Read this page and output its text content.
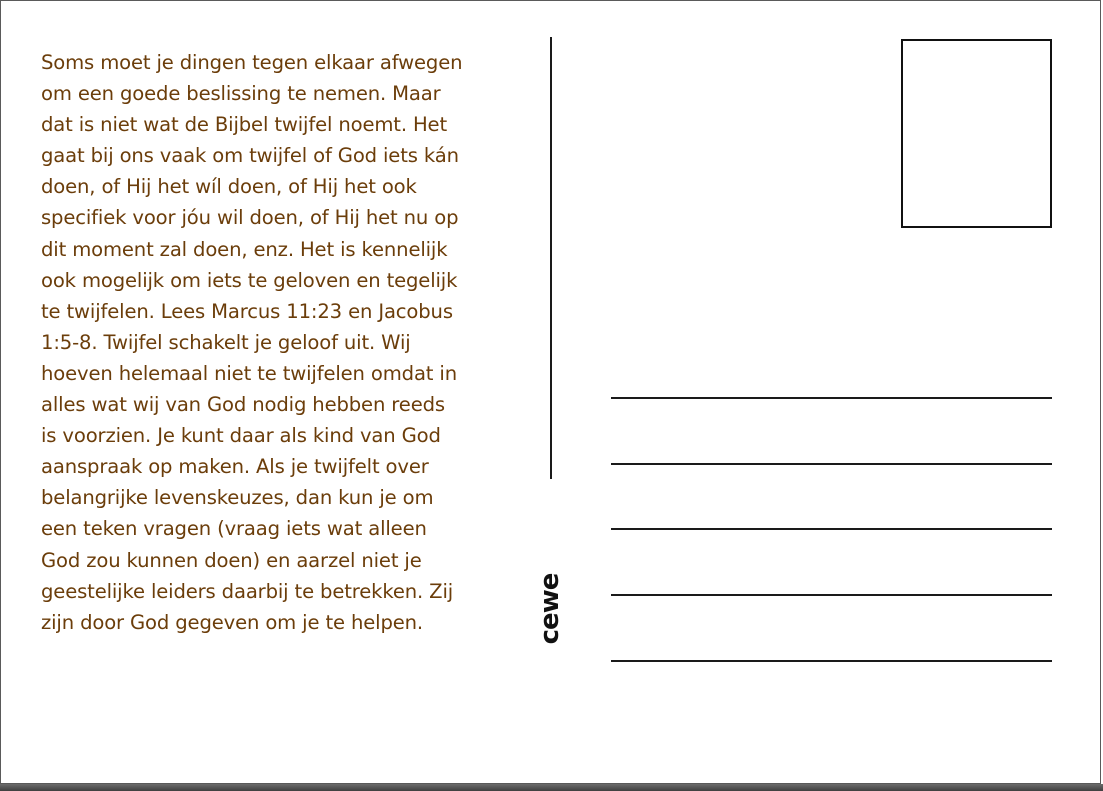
Soms moet je dingen tegen elkaar afwegen
om een goede beslissing te nemen. Maar
dat is niet wat de Bijbel twijfel noemt. Het
gaat bij ons vaak om twijfel of God iets kán
doen, of Hij het wíl doen, of Hij het ook
specifiek voor jóu wil doen, of Hij het nu op
dit moment zal doen, enz. Het is kennelijk
ook mogelijk om iets te geloven en tegelijk
te twijfelen. Lees Marcus 11:23 en Jacobus
1:5-8. Twijfel schakelt je geloof uit. Wij
hoeven helemaal niet te twijfelen omdat in
alles wat wij van God nodig hebben reeds
is voorzien. Je kunt daar als kind van God
aanspraak op maken. Als je twijfelt over
belangrijke levenskeuzes, dan kun je om
een teken vragen (vraag iets wat alleen
God zou kunnen doen) en aarzel niet je
geestelijke leiders daarbij te betrekken. Zij
zijn door God gegeven om je te helpen.	cewe
